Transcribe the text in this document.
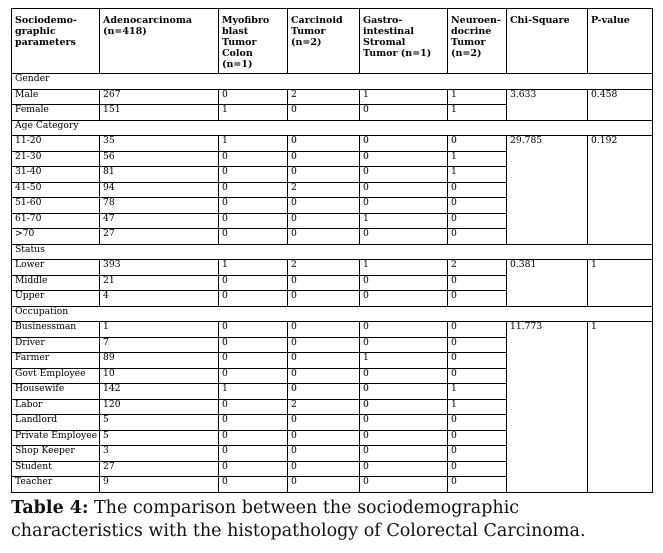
Sociodemo-
graphic
parameters	Adenocarcinoma
(n=418)	Myofibro
blast
Tumor
Colon
(n=1)	Carcinoid
Tumor
(n=2)	Gastro-
intestinal
Stromal
Tumor (n=1)	Neuroen-
docrine
Tumor
(n=2)	Chi-Square	P-value
Gender							
Male	267	0	2	1	1	3.633	0.458
Female	151	1	0	0	1		
Age Category							
11-20	35	1	0	0	0	29.785	0.192
21-30	56	0	0	0	1		
31-40	81	0	0	0	1		
41-50	94	0	2	0	0		
51-60	78	0	0	0	0		
61-70	47	0	0	1	0		
>70	27	0	0	0	0		
Status							
Lower	393	1	2	1	2	0.381	1
Middle	21	0	0	0	0		
Upper	4	0	0	0	0		
Occupation							
Businessman	1	0	0	0	0	11.773	1
Driver	7	0	0	0	0		
Farmer	89	0	0	1	0		
Govt Employee	10	0	0	0	0		
Housewife	142	1	0	0	1		
Labor	120	0	2	0	1		
Landlord	5	0	0	0	0		
Private Employee	5	0	0	0	0		
Shop Keeper	3	0	0	0	0		
Student	27	0	0	0	0		
Teacher	9	0	0	0	0		
Table 4: The comparison between the sociodemographic characteristics with the histopathology of Colorectal Carcinoma.
